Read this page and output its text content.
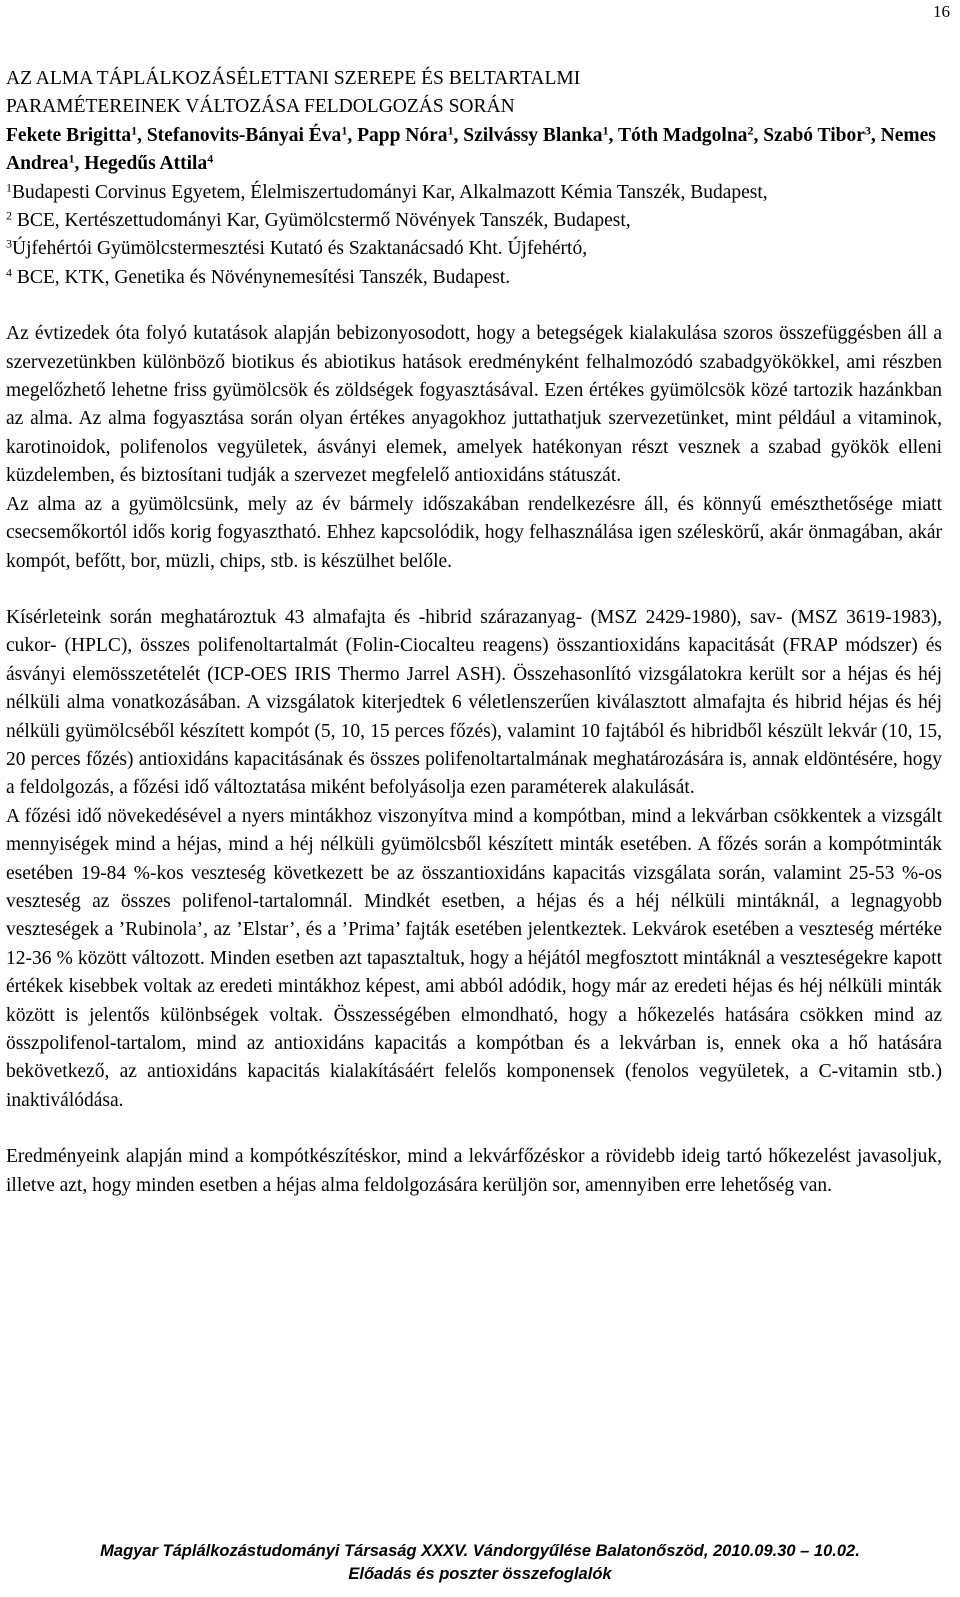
16
AZ ALMA TÁPLÁLKOZÁSÉLETTANI SZEREPE ÉS BELTARTALMI
PARAMÉTEREINEK VÁLTOZÁSA FELDOLGOZÁS SORÁN
Fekete Brigitta$^1$, Stefanovits-Bányai Éva$^1$, Papp Nóra$^1$, Szilvássy Blanka$^1$, Tóth Madgolna$^2$, Szabó Tibor$^3$, Nemes Andrea$^1$, Hegedűs Attila$^4$
$^1$Budapesti Corvinus Egyetem, Élelmiszertudományi Kar, Alkalmazott Kémia Tanszék, Budapest,
$^2$ BCE, Kertészettudományi Kar, Gyümölcstermő Növények Tanszék, Budapest,
$^3$Újfehértói Gyümölcstermesztési Kutató és Szaktanácsadó Kht. Újfehértó,
$^4$ BCE, KTK, Genetika és Növénynemesítési Tanszék, Budapest.

Az évtizedek óta folyó kutatások alapján bebizonyosodott, hogy a betegségek kialakulása szoros összefüggésben áll a szervezetünkben különböző biotikus és abiotikus hatások eredményként felhalmozódó szabadgyökökkel, ami részben megelőzhető lehetne friss gyümölcsök és zöldségek fogyasztásával. Ezen értékes gyümölcsök közé tartozik hazánkban az alma. Az alma fogyasztása során olyan értékes anyagokhoz juttathatjuk szervezetünket, mint például a vitaminok, karotinoidok, polifenolos vegyületek, ásványi elemek, amelyek hatékonyan részt vesznek a szabad gyökök elleni küzdelemben, és biztosítani tudják a szervezet megfelelő antioxidáns státuszát.

Az alma az a gyümölcsünk, mely az év bármely időszakában rendelkezésre áll, és könnyű emészthetősége miatt csecsemőkortól idős korig fogyasztható. Ehhez kapcsolódik, hogy felhasználása igen széleskörű, akár önmagában, akár kompót, befőtt, bor, müzli, chips, stb. is készülhet belőle.

Kísérleteink során meghatároztuk 43 almafajta és -hibrid szárazanyag- (MSZ 2429-1980), sav- (MSZ 3619-1983), cukor- (HPLC), összes polifenoltartalmát (Folin-Ciocalteu reagens) összantioxidáns kapacitását (FRAP módszer) és ásványi elemösszetételét (ICP-OES IRIS Thermo Jarrel ASH). Összehasonlító vizsgálatokra került sor a héjas és héj nélküli alma vonatkozásában. A vizsgálatok kiterjedtek 6 véletlenszerűen kiválasztott almafajta és hibrid héjas és héj nélküli gyümölcséből készített kompót (5, 10, 15 perces főzés), valamint 10 fajtából és hibridből készült lekvár (10, 15, 20 perces főzés) antioxidáns kapacitásának és összes polifenoltartalmának meghatározására is, annak eldöntésére, hogy a feldolgozás, a főzési idő változtatása miként befolyásolja ezen paraméterek alakulását.

A főzési idő növekedésével a nyers mintákhoz viszonyítva mind a kompótban, mind a lekvárban csökkentek a vizsgált mennyiségek mind a héjas, mind a héj nélküli gyümölcsből készített minták esetében. A főzés során a kompótminták esetében 19-84 %-kos veszteség következett be az összantioxidáns kapacitás vizsgálata során, valamint 25-53 %-os veszteség az összes polifenol-tartalomnál. Mindkét esetben, a héjas és a héj nélküli mintáknál, a legnagyobb veszteségek a ’Rubinola’, az ’Elstar’, és a ’Prima’ fajták esetében jelentkeztek. Lekvárok esetében a veszteség mértéke 12-36 % között változott. Minden esetben azt tapasztaltuk, hogy a héjától megfosztott mintáknál a veszteségekre kapott értékek kisebbek voltak az eredeti mintákhoz képest, ami abból adódik, hogy már az eredeti héjas és héj nélküli minták között is jelentős különbségek voltak. Összességében elmondható, hogy a hőkezelés hatására csökken mind az összpolifenol-tartalom, mind az antioxidáns kapacitás a kompótban és a lekvárban is, ennek oka a hő hatására bekövetkező, az antioxidáns kapacitás kialakításáért felelős komponensek (fenolos vegyületek, a C-vitamin stb.) inaktiválódása.

Eredményeink alapján mind a kompótkészítéskor, mind a lekvárfőzéskor a rövidebb ideig tartó hőkezelést javasoljuk, illetve azt, hogy minden esetben a héjas alma feldolgozására kerüljön sor, amennyiben erre lehetőség van.

Magyar Táplálkozástudományi Társaság XXXV. Vándorgyűlése Balatonőszöd, 2010.09.30 – 10.02.
Előadás és poszter összefoglalók
